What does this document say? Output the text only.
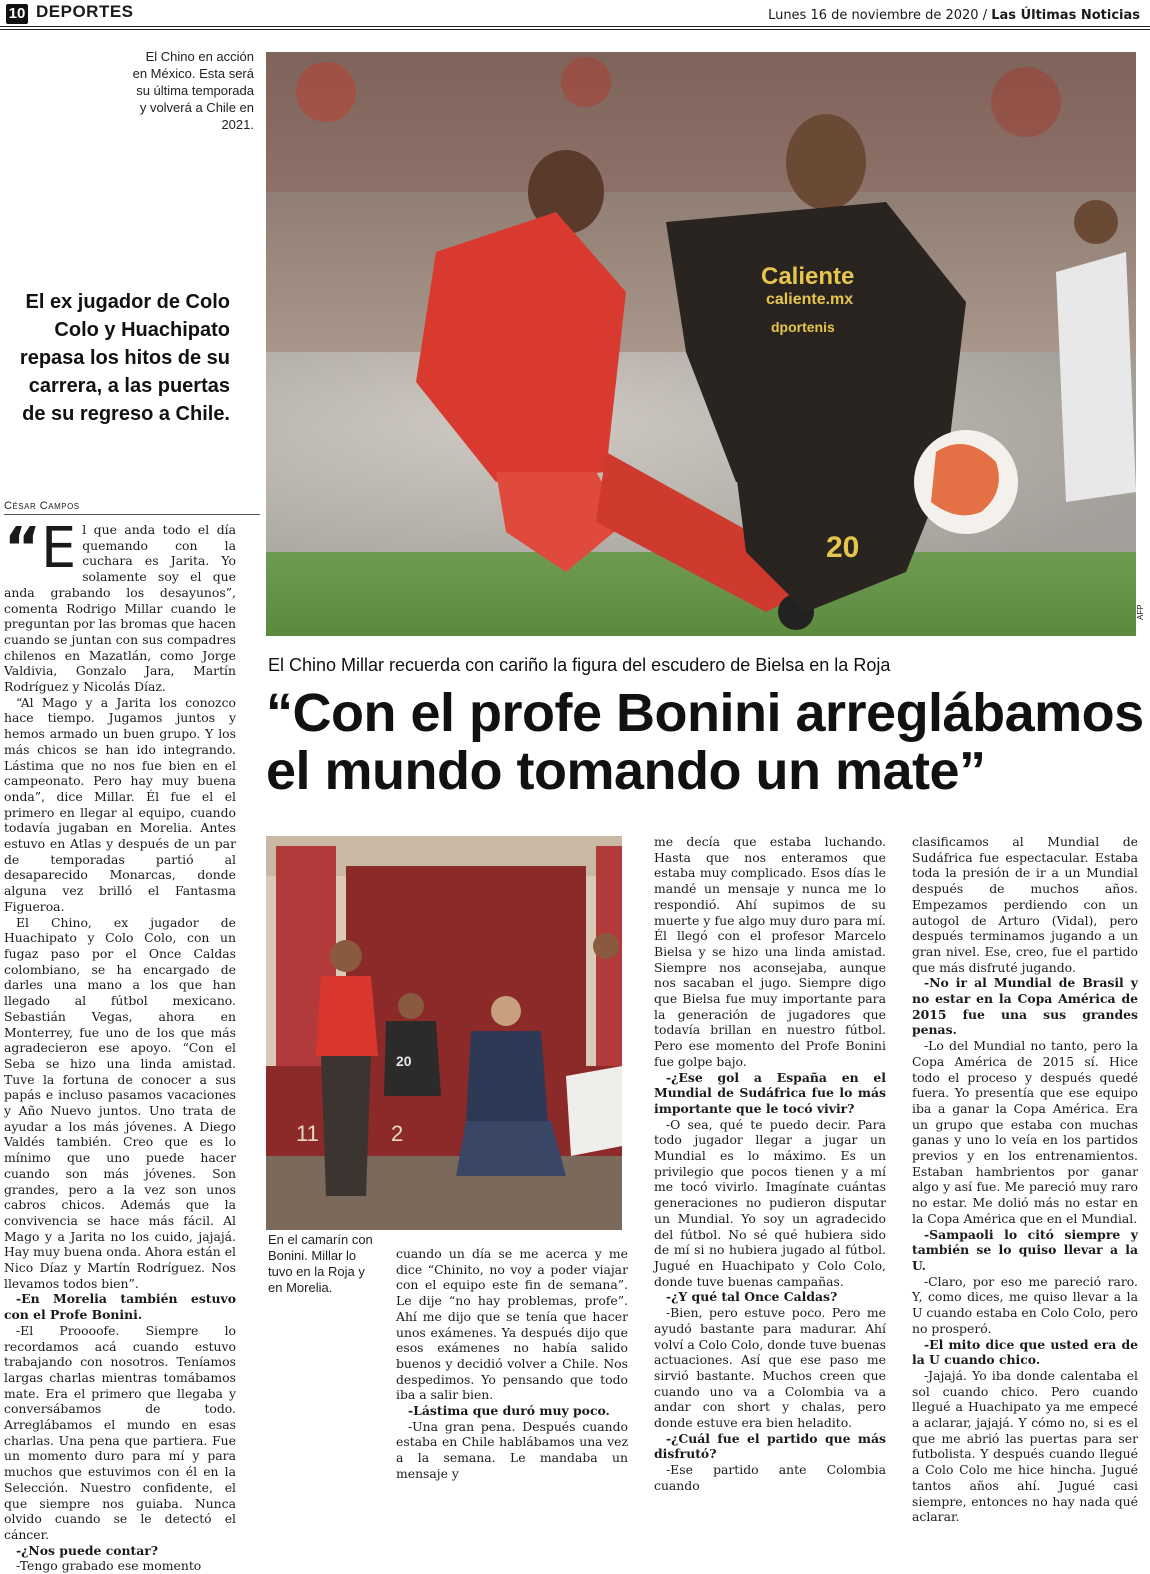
10 DEPORTES	Lunes 16 de noviembre de 2020 / Las Últimas Noticias
El Chino en acción en México. Esta será su última temporada y volverá a Chile en 2021.
El ex jugador de Colo Colo y Huachipato repasa los hitos de su carrera, a las puertas de su regreso a Chile.
César Campos
Caliente
caliente.mx
dportenis
20
AFP
El Chino Millar recuerda con cariño la figura del escudero de Bielsa en la Roja
“Con el profe Bonini arreglábamos el mundo tomando un mate”
11	2
20
En el camarín con Bonini. Millar lo tuvo en la Roja y en Morelia.
“E l que anda todo el día quemando con la cuchara es Jarita. Yo solamente soy el que anda grabando los desayunos”, comenta Rodrigo Millar cuando le preguntan por las bromas que hacen cuando se juntan con sus compadres chilenos en Mazatlán, como Jorge Valdivia, Gonzalo Jara, Martín Rodríguez y Nicolás Díaz.

“Al Mago y a Jarita los conozco hace tiempo. Jugamos juntos y hemos armado un buen grupo. Y los más chicos se han ido integrando. Lástima que no nos fue bien en el campeonato. Pero hay muy buena onda”, dice Millar. Él fue el el primero en llegar al equipo, cuando todavía jugaban en Morelia. Antes estuvo en Atlas y después de un par de temporadas partió al desaparecido Monarcas, donde alguna vez brilló el Fantasma Figueroa.

El Chino, ex jugador de Huachipato y Colo Colo, con un fugaz paso por el Once Caldas colombiano, se ha encargado de darles una mano a los que han llegado al fútbol mexicano. Sebastián Vegas, ahora en Monterrey, fue uno de los que más agradecieron ese apoyo. “Con el Seba se hizo una linda amistad. Tuve la fortuna de conocer a sus papás e incluso pasamos vacaciones y Año Nuevo juntos. Uno trata de ayudar a los más jóvenes. A Diego Valdés también. Creo que es lo mínimo que uno puede hacer cuando son más jóvenes. Son grandes, pero a la vez son unos cabros chicos. Además que la convivencia se hace más fácil. Al Mago y a Jarita no los cuido, jajajá. Hay muy buena onda. Ahora están el Nico Díaz y Martín Rodríguez. Nos llevamos todos bien”.

-En Morelia también estuvo con el Profe Bonini.

-El Proooofe. Siempre lo recordamos acá cuando estuvo trabajando con nosotros. Teníamos largas charlas mientras tomábamos mate. Era el primero que llegaba y conversábamos de todo. Arreglábamos el mundo en esas charlas. Una pena que partiera. Fue un momento duro para mí y para muchos que estuvimos con él en la Selección. Nuestro confidente, el que siempre nos guiaba. Nunca olvido cuando se le detectó el cáncer.

-¿Nos puede contar?

-Tengo grabado ese momento

cuando un día se me acerca y me dice “Chinito, no voy a poder viajar con el equipo este fin de semana”. Le dije “no hay problemas, profe”. Ahí me dijo que se tenía que hacer unos exámenes. Ya después dijo que esos exámenes no había salido buenos y decidió volver a Chile. Nos despedimos. Yo pensando que todo iba a salir bien.

-Lástima que duró muy poco.

-Una gran pena. Después cuando estaba en Chile hablábamos una vez a la semana. Le mandaba un mensaje y

me decía que estaba luchando. Hasta que nos enteramos que estaba muy complicado. Esos días le mandé un mensaje y nunca me lo respondió. Ahí supimos de su muerte y fue algo muy duro para mí. Él llegó con el profesor Marcelo Bielsa y se hizo una linda amistad. Siempre nos aconsejaba, aunque nos sacaban el jugo. Siempre digo que Bielsa fue muy importante para la generación de jugadores que todavía brillan en nuestro fútbol. Pero ese momento del Profe Bonini fue golpe bajo.

-¿Ese gol a España en el Mundial de Sudáfrica fue lo más importante que le tocó vivir?

-O sea, qué te puedo decir. Para todo jugador llegar a jugar un Mundial es lo máximo. Es un privilegio que pocos tienen y a mí me tocó vivirlo. Imagínate cuántas generaciones no pudieron disputar un Mundial. Yo soy un agradecido del fútbol. No sé qué hubiera sido de mí si no hubiera jugado al fútbol. Jugué en Huachipato y Colo Colo, donde tuve buenas campañas.

-¿Y qué tal Once Caldas?

-Bien, pero estuve poco. Pero me ayudó bastante para madurar. Ahí volví a Colo Colo, donde tuve buenas actuaciones. Así que ese paso me sirvió bastante. Muchos creen que cuando uno va a Colombia va a andar con short y chalas, pero donde estuve era bien heladito.

-¿Cuál fue el partido que más disfrutó?

-Ese partido ante Colombia cuando

clasificamos al Mundial de Sudáfrica fue espectacular. Estaba toda la presión de ir a un Mundial después de muchos años. Empezamos perdiendo con un autogol de Arturo (Vidal), pero después terminamos jugando a un gran nivel. Ese, creo, fue el partido que más disfruté jugando.

-No ir al Mundial de Brasil y no estar en la Copa América de 2015 fue una sus grandes penas.

-Lo del Mundial no tanto, pero la Copa América de 2015 sí. Hice todo el proceso y después quedé fuera. Yo presentía que ese equipo iba a ganar la Copa América. Era un grupo que estaba con muchas ganas y uno lo veía en los partidos previos y en los entrenamientos. Estaban hambrientos por ganar algo y así fue. Me pareció muy raro no estar. Me dolió más no estar en la Copa América que en el Mundial.

-Sampaoli lo citó siempre y también se lo quiso llevar a la U.

-Claro, por eso me pareció raro. Y, como dices, me quiso llevar a la U cuando estaba en Colo Colo, pero no prosperó.

-El mito dice que usted era de la U cuando chico.

-Jajajá. Yo iba donde calentaba el sol cuando chico. Pero cuando llegué a Huachipato ya me empecé a aclarar, jajajá. Y cómo no, si es el que me abrió las puertas para ser futbolista. Y después cuando llegué a Colo Colo me hice hincha. Jugué tantos años ahí. Jugué casi siempre, entonces no hay nada qué aclarar.
